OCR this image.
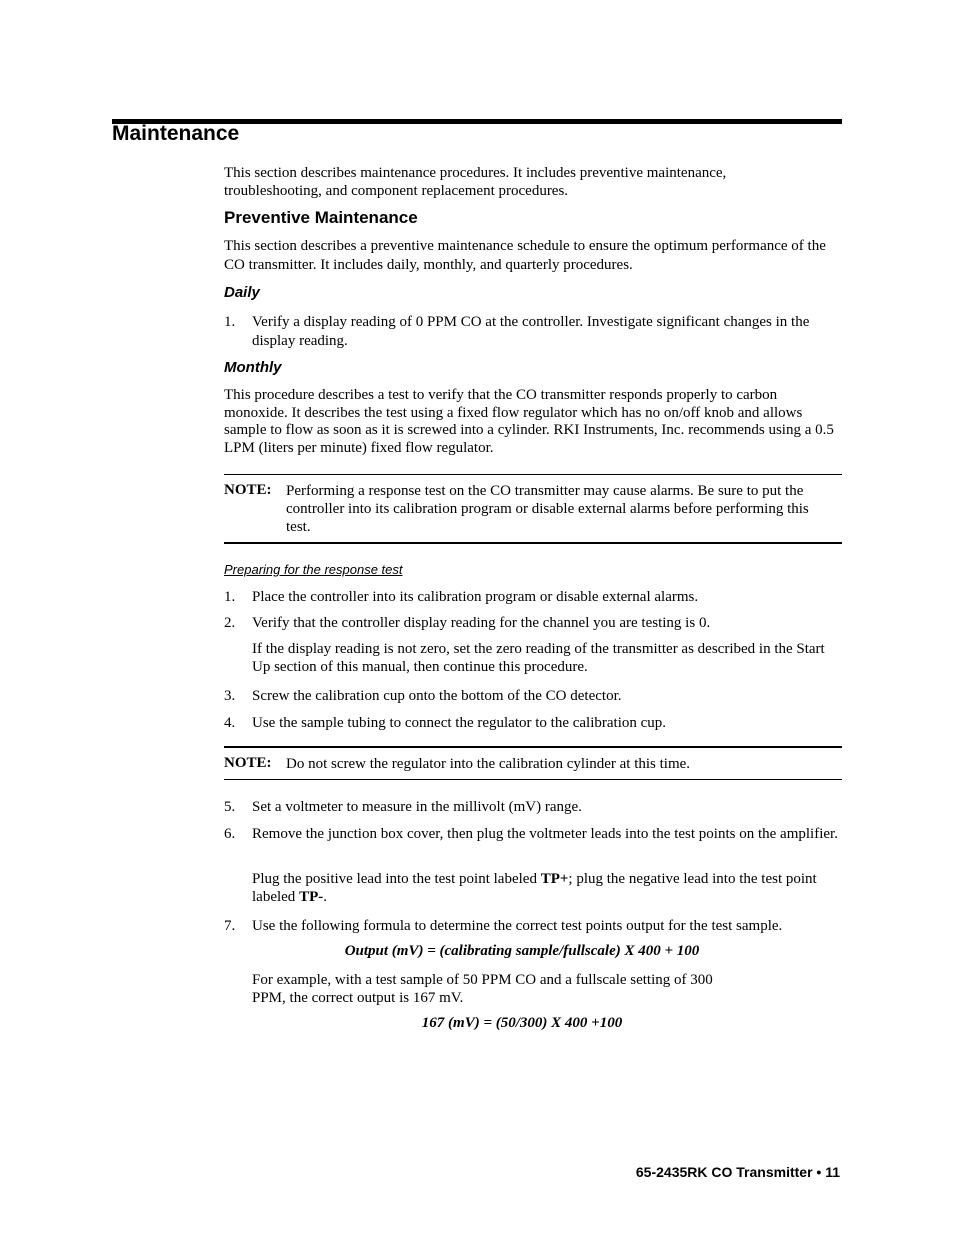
Maintenance
This section describes maintenance procedures. It includes preventive maintenance, troubleshooting, and component replacement procedures.
Preventive Maintenance
This section describes a preventive maintenance schedule to ensure the optimum performance of the CO transmitter. It includes daily, monthly, and quarterly procedures.
Daily
1. Verify a display reading of 0 PPM CO at the controller. Investigate significant changes in the display reading.
Monthly
This procedure describes a test to verify that the CO transmitter responds properly to carbon monoxide. It describes the test using a fixed flow regulator which has no on/off knob and allows sample to flow as soon as it is screwed into a cylinder. RKI Instruments, Inc. recommends using a 0.5 LPM (liters per minute) fixed flow regulator.
NOTE: Performing a response test on the CO transmitter may cause alarms. Be sure to put the controller into its calibration program or disable external alarms before performing this test.
Preparing for the response test
1. Place the controller into its calibration program or disable external alarms.
2. Verify that the controller display reading for the channel you are testing is 0.
If the display reading is not zero, set the zero reading of the transmitter as described in the Start Up section of this manual, then continue this procedure.
3. Screw the calibration cup onto the bottom of the CO detector.
4. Use the sample tubing to connect the regulator to the calibration cup.
NOTE: Do not screw the regulator into the calibration cylinder at this time.
5. Set a voltmeter to measure in the millivolt (mV) range.
6. Remove the junction box cover, then plug the voltmeter leads into the test points on the amplifier.
Plug the positive lead into the test point labeled TP+; plug the negative lead into the test point labeled TP-.
7. Use the following formula to determine the correct test points output for the test sample.
Output (mV) = (calibrating sample/fullscale) X 400 + 100
For example, with a test sample of 50 PPM CO and a fullscale setting of 300 PPM, the correct output is 167 mV.
167 (mV) = (50/300) X 400 +100
65-2435RK CO Transmitter • 11
